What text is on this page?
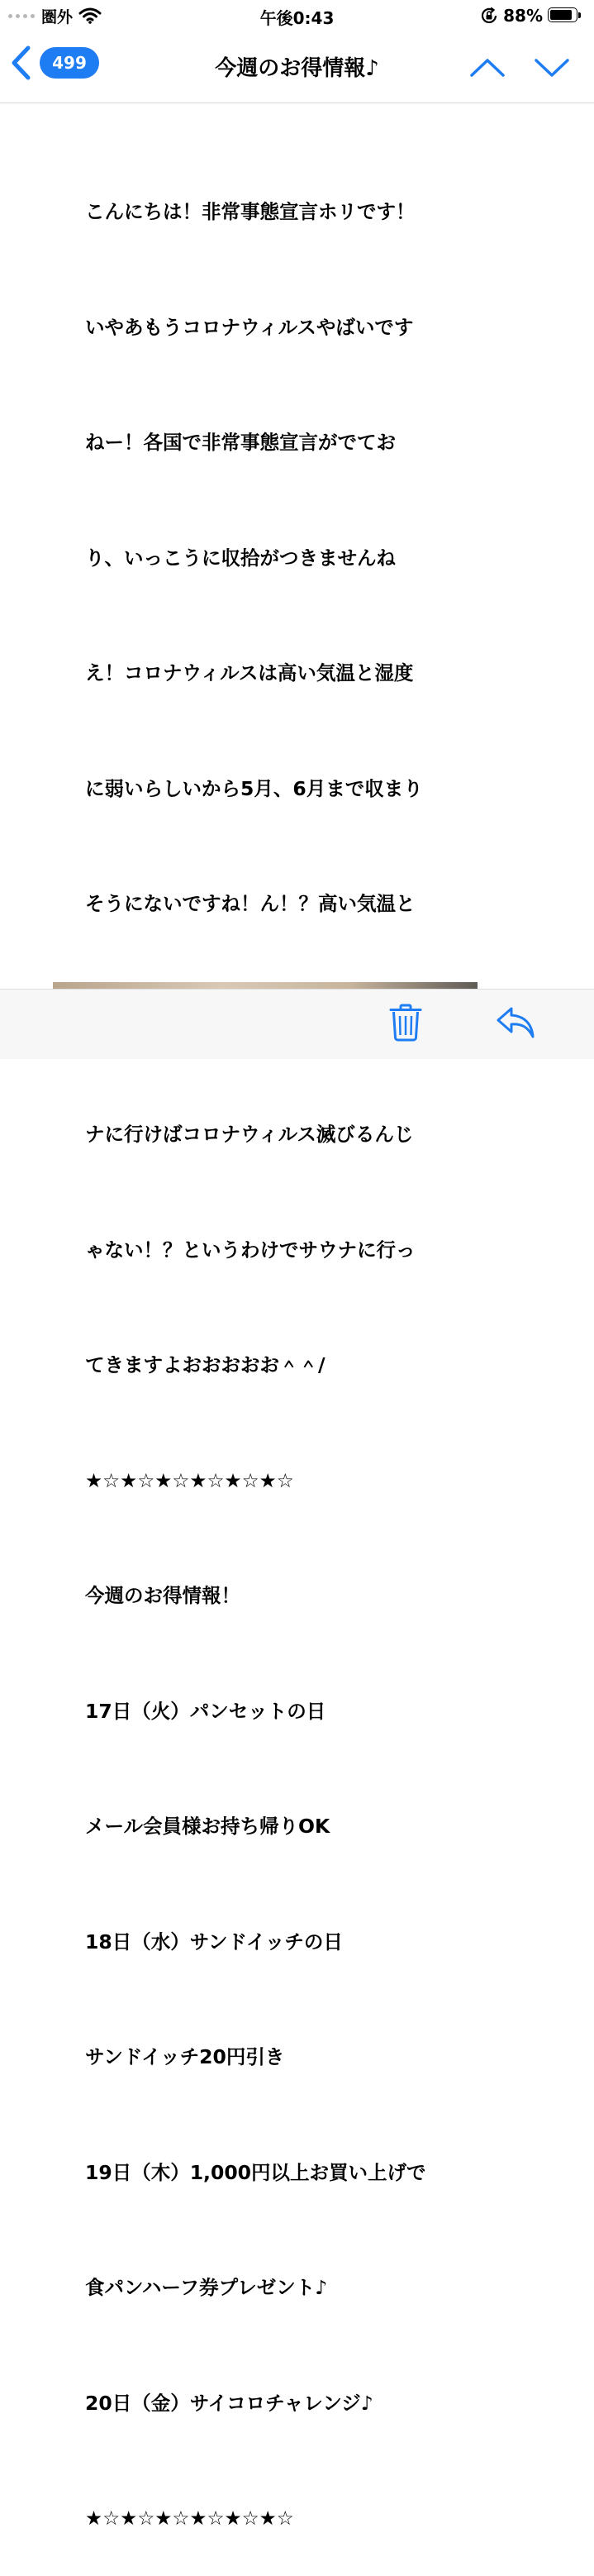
圏外	午後0:43	88%
499	今週のお得情報♪

こんにちは！非常事態宣言ホリです！

いやあもうコロナウィルスやばいです

ねー！各国で非常事態宣言がでてお

り、いっこうに収拾がつきませんね

え！コロナウィルスは高い気温と湿度

に弱いらしいから5月、6月まで収まり

そうにないですね！ん！？高い気温と

ナに行けばコロナウィルス滅びるんじ

ゃない！？というわけでサウナに行っ

てきますよおおおおお＾＾/

★☆★☆★☆★☆★☆★☆

今週のお得情報！

17日（火）パンセットの日

メール会員様お持ち帰りOK

18日（水）サンドイッチの日

サンドイッチ20円引き

19日（木）1,000円以上お買い上げで

食パンハーフ券プレゼント♪

20日（金）サイコロチャレンジ♪

★☆★☆★☆★☆★☆★☆
